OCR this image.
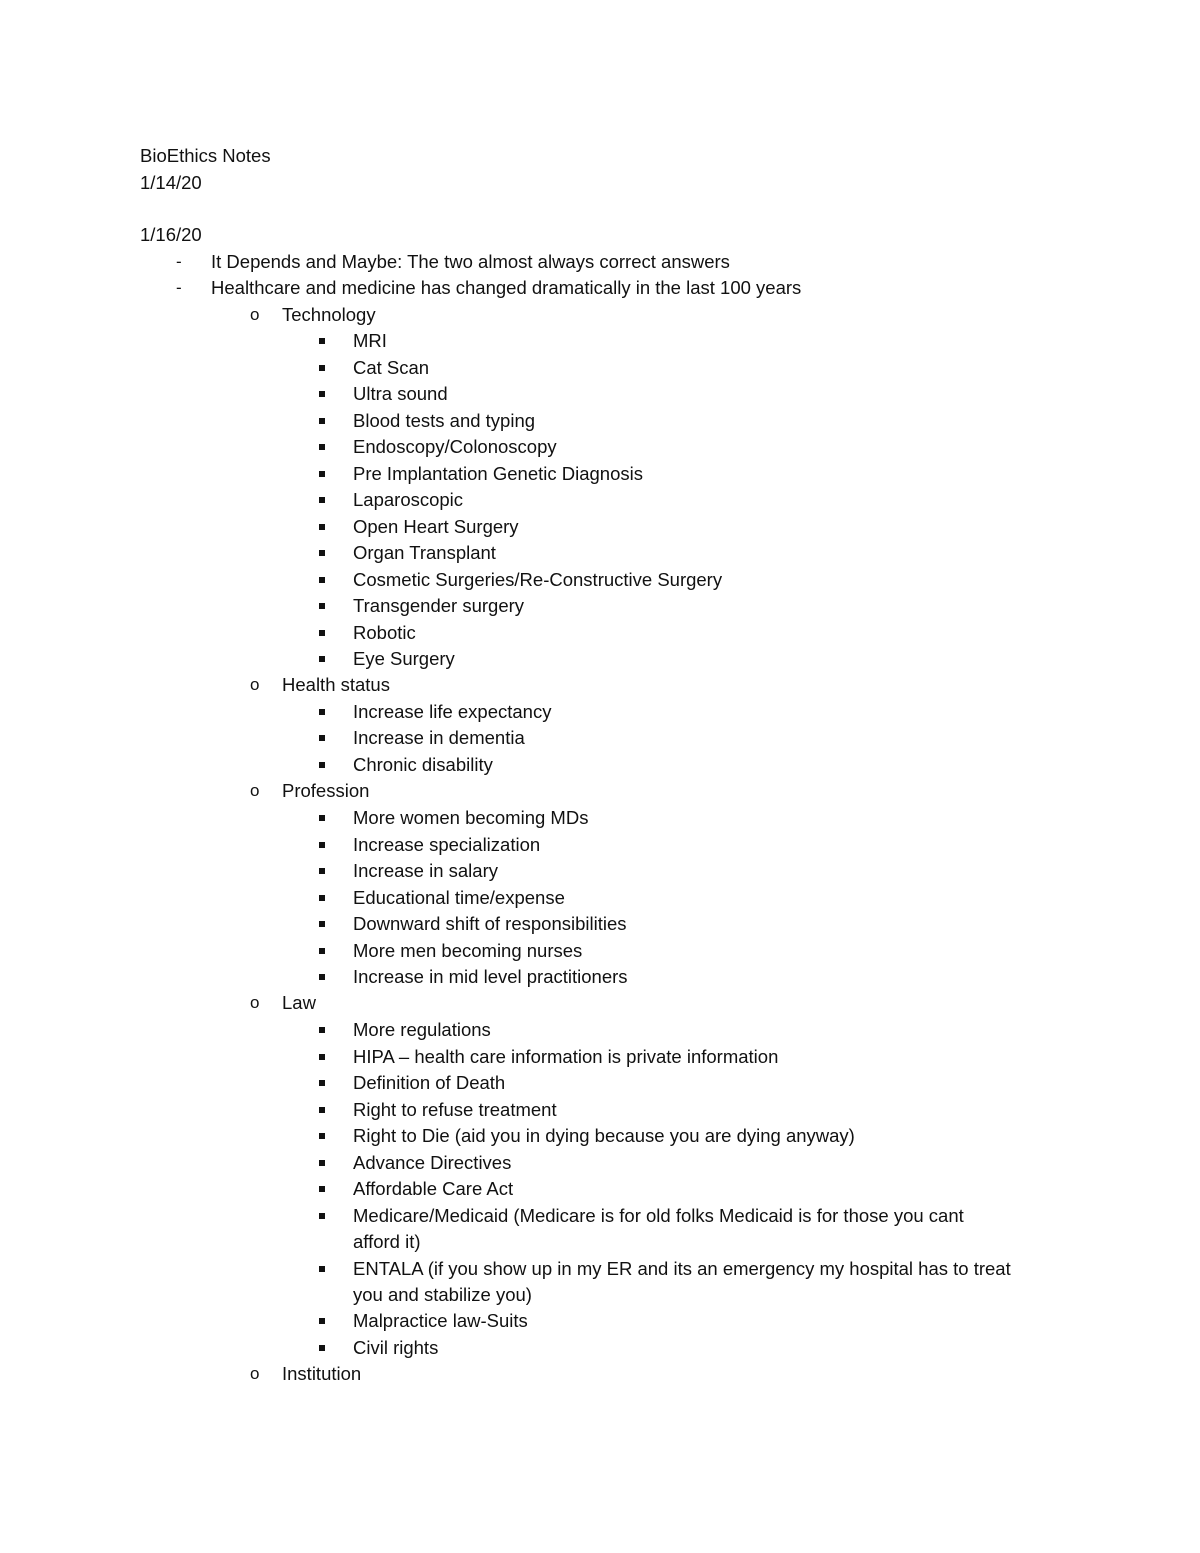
BioEthics Notes
1/14/20
1/16/20
- It Depends and Maybe: The two almost always correct answers
- Healthcare and medicine has changed dramatically in the last 100 years
o Technology
MRI
Cat Scan
Ultra sound
Blood tests and typing
Endoscopy/Colonoscopy
Pre Implantation Genetic Diagnosis
Laparoscopic
Open Heart Surgery
Organ Transplant
Cosmetic Surgeries/Re-Constructive Surgery
Transgender surgery
Robotic
Eye Surgery
o Health status
Increase life expectancy
Increase in dementia
Chronic disability
o Profession
More women becoming MDs
Increase specialization
Increase in salary
Educational time/expense
Downward shift of responsibilities
More men becoming nurses
Increase in mid level practitioners
o Law
More regulations
HIPA – health care information is private information
Definition of Death
Right to refuse treatment
Right to Die (aid you in dying because you are dying anyway)
Advance Directives
Affordable Care Act
Medicare/Medicaid (Medicare is for old folks Medicaid is for those you cant
afford it)
ENTALA (if you show up in my ER and its an emergency my hospital has to treat
you and stabilize you)
Malpractice law-Suits
Civil rights
o Institution
